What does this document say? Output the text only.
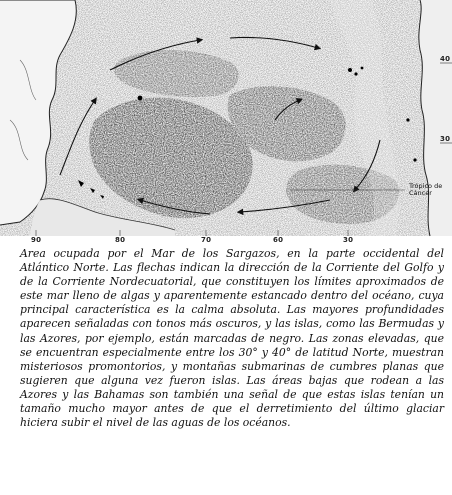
90	80	70	60	30
40
30
Trópico de
Cáncer

Area ocupada por el Mar de los Sargazos, en la parte occidental del Atlántico Norte. Las flechas indican la dirección de la Corriente del Golfo y de la Corriente Nordecuatorial, que constituyen los límites aproximados de este mar lleno de algas y aparentemente estancado dentro del océano, cuya principal característica es la calma absoluta. Las mayores profundidades aparecen señaladas con tonos más oscuros, y las islas, como las Bermudas y las Azores, por ejemplo, están marcadas de negro. Las zonas elevadas, que se encuentran especialmente entre los 30° y 40° de latitud Norte, muestran misteriosos promontorios, y montañas submarinas de cumbres planas que sugieren que alguna vez fueron islas. Las áreas bajas que rodean a las Azores y las Bahamas son también una señal de que estas islas tenían un tamaño mucho mayor antes de que el derretimiento del último glaciar hiciera subir el nivel de las aguas de los océanos.
